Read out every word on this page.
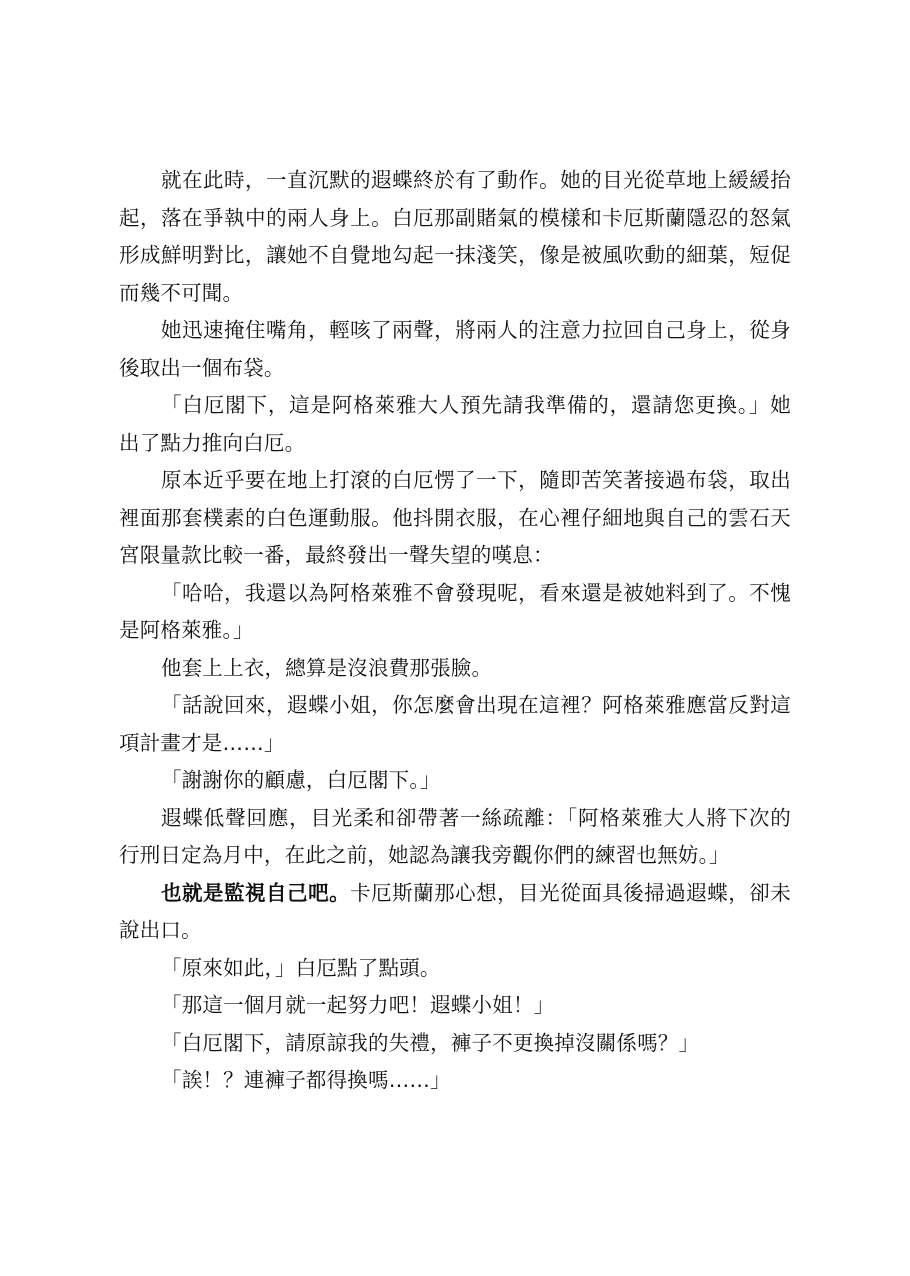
就在此時，一直沉默的遐蝶終於有了動作。她的目光從草地上緩緩抬起，落在爭執中的兩人身上。白厄那副賭氣的模樣和卡厄斯蘭隱忍的怒氣形成鮮明對比，讓她不自覺地勾起一抹淺笑，像是被風吹動的細葉，短促而幾不可聞。

她迅速掩住嘴角，輕咳了兩聲，將兩人的注意力拉回自己身上，從身後取出一個布袋。

「白厄閣下，這是阿格萊雅大人預先請我準備的，還請您更換。」她出了點力推向白厄。

原本近乎要在地上打滾的白厄愣了一下，隨即苦笑著接過布袋，取出裡面那套樸素的白色運動服。他抖開衣服，在心裡仔細地與自己的雲石天宮限量款比較一番，最終發出一聲失望的嘆息：

「哈哈，我還以為阿格萊雅不會發現呢，看來還是被她料到了。不愧是阿格萊雅。」

他套上上衣，總算是沒浪費那張臉。

「話說回來，遐蝶小姐，你怎麼會出現在這裡？阿格萊雅應當反對這項計畫才是……」

「謝謝你的顧慮，白厄閣下。」

遐蝶低聲回應，目光柔和卻帶著一絲疏離：「阿格萊雅大人將下次的行刑日定為月中，在此之前，她認為讓我旁觀你們的練習也無妨。」

也就是監視自己吧。卡厄斯蘭那心想，目光從面具後掃過遐蝶，卻未說出口。

「原來如此，」白厄點了點頭。

「那這一個月就一起努力吧！遐蝶小姐！」

「白厄閣下，請原諒我的失禮，褲子不更換掉沒關係嗎？」

「誒！？連褲子都得換嗎……」
